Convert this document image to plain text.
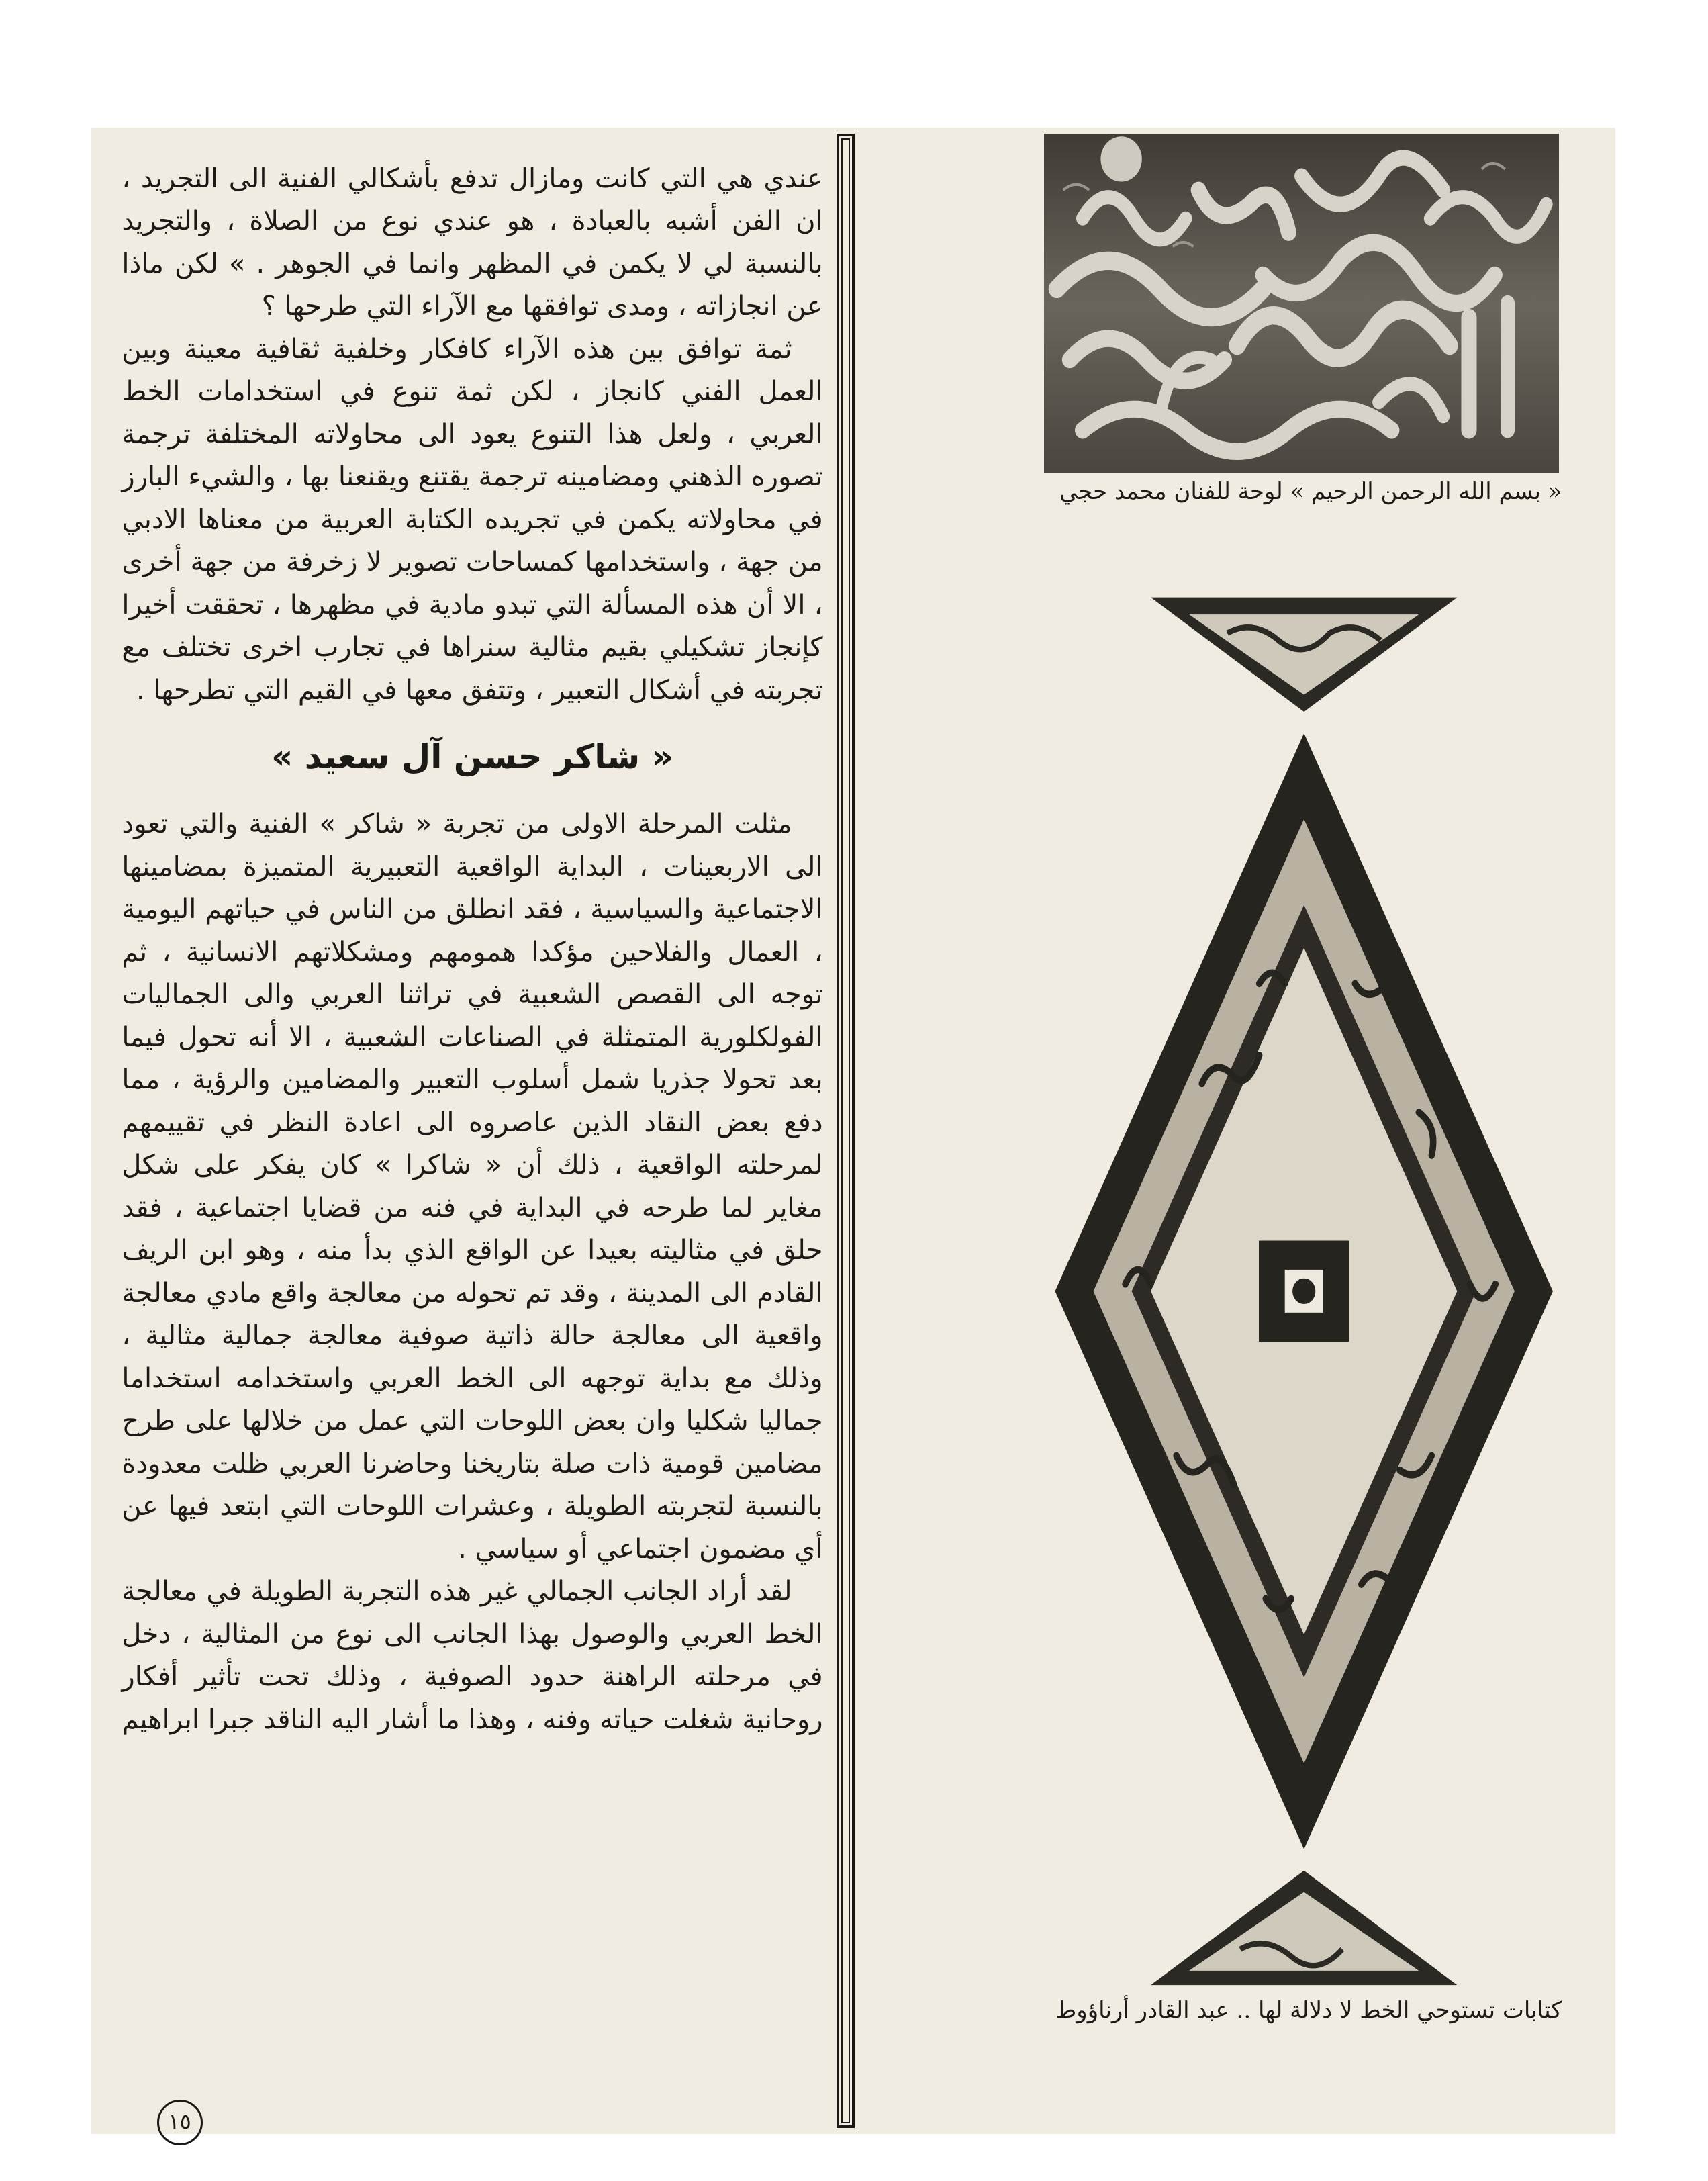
عندي هي التي كانت ومازال تدفع بأشكالي الفنية الى التجريد ، ان الفن أشبه بالعبادة ، هو عندي نوع من الصلاة ، والتجريد بالنسبة لي لا يكمن في المظهر وانما في الجوهر . » لكن ماذا عن انجازاته ، ومدى توافقها مع الآراء التي طرحها ؟

ثمة توافق بين هذه الآراء كافكار وخلفية ثقافية معينة وبين العمل الفني كانجاز ، لكن ثمة تنوع في استخدامات الخط العربي ، ولعل هذا التنوع يعود الى محاولاته المختلفة ترجمة تصوره الذهني ومضامينه ترجمة يقتنع ويقنعنا بها ، والشيء البارز في محاولاته يكمن في تجريده الكتابة العربية من معناها الادبي من جهة ، واستخدامها كمساحات تصوير لا زخرفة من جهة أخرى ، الا أن هذه المسألة التي تبدو مادية في مظهرها ، تحققت أخيرا كإنجاز تشكيلي بقيم مثالية سنراها في تجارب اخرى تختلف مع تجربته في أشكال التعبير ، وتتفق معها في القيم التي تطرحها .

« شاكر حسن آل سعيد »

مثلت المرحلة الاولى من تجربة « شاكر » الفنية والتي تعود الى الاربعينات ، البداية الواقعية التعبيرية المتميزة بمضامينها الاجتماعية والسياسية ، فقد انطلق من الناس في حياتهم اليومية ، العمال والفلاحين مؤكدا همومهم ومشكلاتهم الانسانية ، ثم توجه الى القصص الشعبية في تراثنا العربي والى الجماليات الفولكلورية المتمثلة في الصناعات الشعبية ، الا أنه تحول فيما بعد تحولا جذريا شمل أسلوب التعبير والمضامين والرؤية ، مما دفع بعض النقاد الذين عاصروه الى اعادة النظر في تقييمهم لمرحلته الواقعية ، ذلك أن « شاكرا » كان يفكر على شكل مغاير لما طرحه في البداية في فنه من قضايا اجتماعية ، فقد حلق في مثاليته بعيدا عن الواقع الذي بدأ منه ، وهو ابن الريف القادم الى المدينة ، وقد تم تحوله من معالجة واقع مادي معالجة واقعية الى معالجة حالة ذاتية صوفية معالجة جمالية مثالية ، وذلك مع بداية توجهه الى الخط العربي واستخدامه استخداما جماليا شكليا وان بعض اللوحات التي عمل من خلالها على طرح مضامين قومية ذات صلة بتاريخنا وحاضرنا العربي ظلت معدودة بالنسبة لتجربته الطويلة ، وعشرات اللوحات التي ابتعد فيها عن أي مضمون اجتماعي أو سياسي .

لقد أراد الجانب الجمالي غير هذه التجربة الطويلة في معالجة الخط العربي والوصول بهذا الجانب الى نوع من المثالية ، دخل في مرحلته الراهنة حدود الصوفية ، وذلك تحت تأثير أفكار روحانية شغلت حياته وفنه ، وهذا ما أشار اليه الناقد جبرا ابراهيم

« بسم الله الرحمن الرحيم » لوحة للفنان محمد حجي
كتابات تستوحي الخط لا دلالة لها .. عبد القادر أرناؤوط
١٥
